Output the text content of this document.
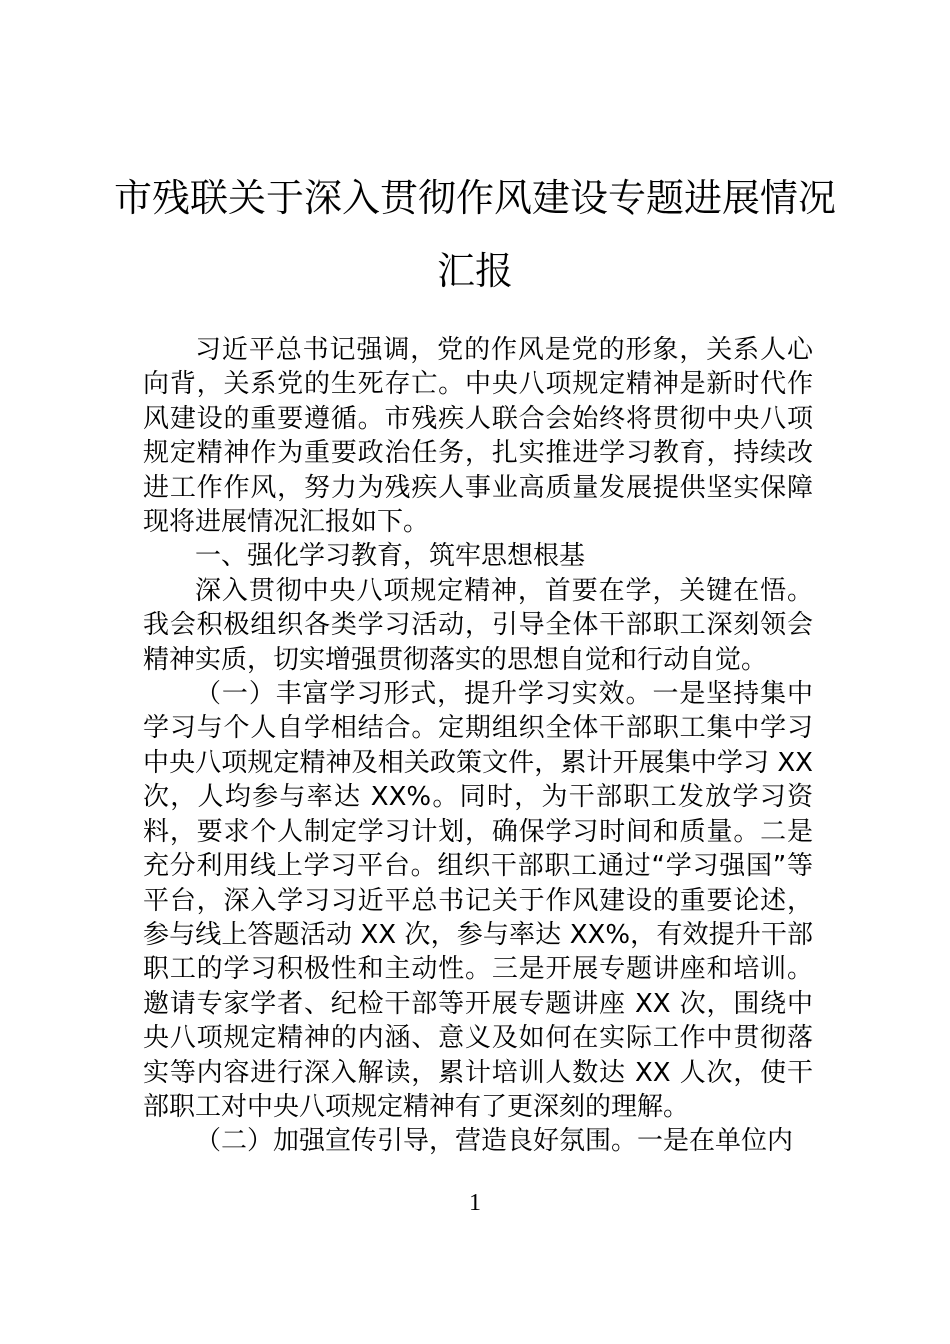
市残联关于深入贯彻作风建设专题进展情况汇报

习近平总书记强调，党的作风是党的形象，关系人心向背，关系党的生死存亡。中央八项规定精神是新时代作风建设的重要遵循。市残疾人联合会始终将贯彻中央八项规定精神作为重要政治任务，扎实推进学习教育，持续改进工作作风，努力为残疾人事业高质量发展提供坚实保障现将进展情况汇报如下。

一、强化学习教育，筑牢思想根基

深入贯彻中央八项规定精神，首要在学，关键在悟。我会积极组织各类学习活动，引导全体干部职工深刻领会精神实质，切实增强贯彻落实的思想自觉和行动自觉。

（一）丰富学习形式，提升学习实效。一是坚持集中学习与个人自学相结合。定期组织全体干部职工集中学习中央八项规定精神及相关政策文件，累计开展集中学习 XX 次，人均参与率达 XX%。同时，为干部职工发放学习资料，要求个人制定学习计划，确保学习时间和质量。二是充分利用线上学习平台。组织干部职工通过“学习强国”等平台，深入学习习近平总书记关于作风建设的重要论述，参与线上答题活动 XX 次，参与率达 XX%，有效提升干部职工的学习积极性和主动性。三是开展专题讲座和培训。邀请专家学者、纪检干部等开展专题讲座 XX 次，围绕中央八项规定精神的内涵、意义及如何在实际工作中贯彻落实等内容进行深入解读，累计培训人数达 XX 人次，使干部职工对中央八项规定精神有了更深刻的理解。

（二）加强宣传引导，营造良好氛围。一是在单位内

1
